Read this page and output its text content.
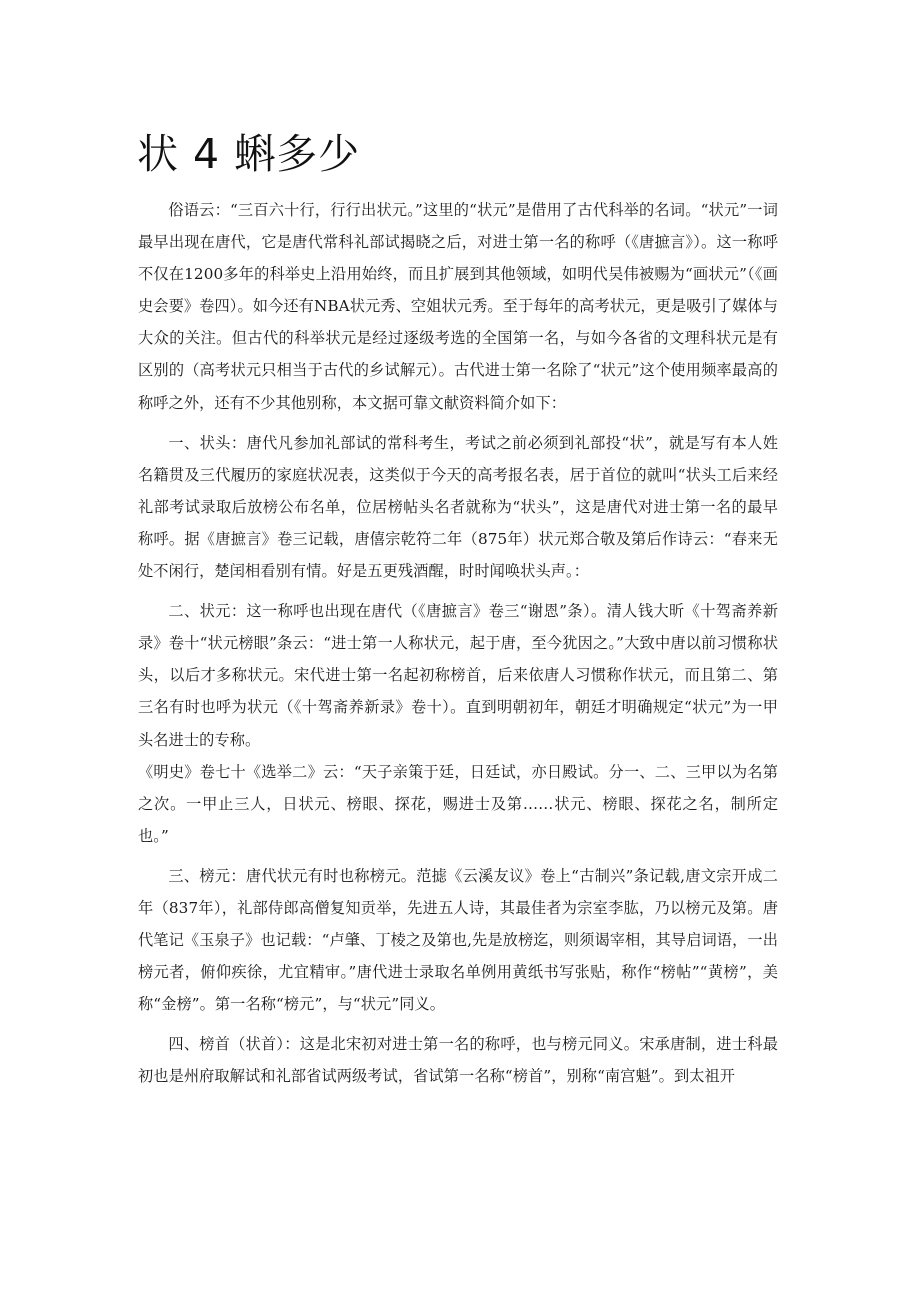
状 4 蝌多少

俗语云：“三百六十行，行行出状元。”这里的“状元”是借用了古代科举的名词。“状元”一词最早出现在唐代，它是唐代常科礼部试揭晓之后，对进士第一名的称呼（《唐摭言》）。这一称呼不仅在1200多年的科举史上沿用始终，而且扩展到其他领域，如明代吴伟被赐为“画状元”（《画史会要》卷四）。如今还有NBA状元秀、空姐状元秀。至于每年的高考状元，更是吸引了媒体与大众的关注。但古代的科举状元是经过逐级考选的全国第一名，与如今各省的文理科状元是有区别的（高考状元只相当于古代的乡试解元）。古代进士第一名除了“状元”这个使用频率最高的称呼之外，还有不少其他别称，本文据可靠文献资料简介如下：

一、状头：唐代凡参加礼部试的常科考生，考试之前必须到礼部投“状”，就是写有本人姓名籍贯及三代履历的家庭状况表，这类似于今天的高考报名表，居于首位的就叫“状头工后来经礼部考试录取后放榜公布名单，位居榜帖头名者就称为“状头”，这是唐代对进士第一名的最早称呼。据《唐摭言》卷三记载，唐僖宗乾符二年（875年）状元郑合敬及第后作诗云：“春来无处不闲行，楚闰相看别有情。好是五更残酒醒，时时闻唤状头声。：

二、状元：这一称呼也出现在唐代（《唐摭言》卷三“谢恩”条）。清人钱大昕《十驾斋养新录》卷十“状元榜眼”条云：“进士第一人称状元，起于唐，至今犹因之。”大致中唐以前习惯称状头，以后才多称状元。宋代进士第一名起初称榜首，后来依唐人习惯称作状元，而且第二、第三名有时也呼为状元（《十驾斋养新录》卷十）。直到明朝初年，朝廷才明确规定“状元”为一甲头名进士的专称。

《明史》卷七十《选举二》云：“天子亲策于廷，日廷试，亦日殿试。分一、二、三甲以为名第之次。一甲止三人，日状元、榜眼、探花，赐进士及第……状元、榜眼、探花之名，制所定也。”

三、榜元：唐代状元有时也称榜元。范摅《云溪友议》卷上“古制兴”条记载,唐文宗开成二年（837年），礼部侍郎高僧复知贡举，先进五人诗，其最佳者为宗室李肱，乃以榜元及第。唐代笔记《玉泉子》也记载：“卢肇、丁棱之及第也,先是放榜迄，则须谒宰相，其导启词语，一出榜元者，俯仰疾徐，尤宜精审。”唐代进士录取名单例用黄纸书写张贴，称作“榜帖”“黄榜”，美称“金榜”。第一名称“榜元”，与“状元”同义。

四、榜首（状首）：这是北宋初对进士第一名的称呼，也与榜元同义。宋承唐制，进士科最初也是州府取解试和礼部省试两级考试，省试第一名称“榜首”，别称“南宫魁”。到太祖开
